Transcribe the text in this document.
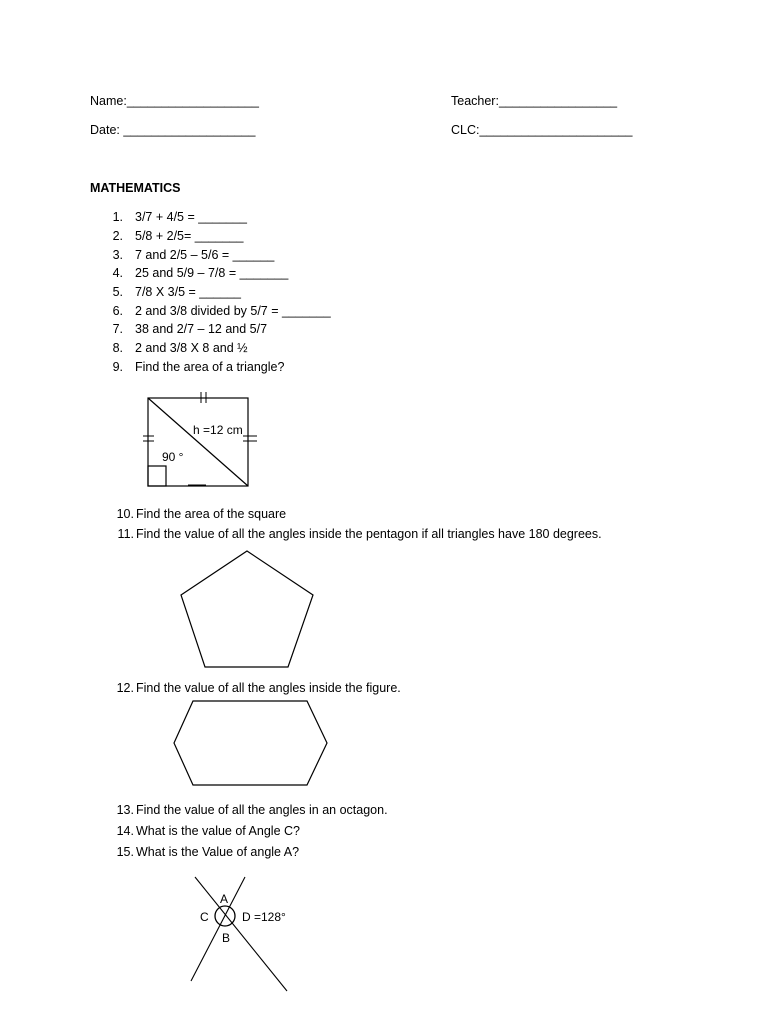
Name:___________________	Teacher:_________________
Date: ___________________	CLC:______________________
MATHEMATICS
1. 3/7 + 4/5 = _______
2. 5/8 + 2/5= _______
3. 7 and 2/5 – 5/6 = ______
4. 25 and 5/9 – 7/8 = _______
5. 7/8 X 3/5 = ______
6. 2 and 3/8 divided by 5/7 = _______
7. 38 and 2/7 – 12 and 5/7
8. 2 and 3/8 X 8 and ½
9. Find the area of a triangle?
h =12 cm
90 °
10. Find the area of the square
11. Find the value of all the angles inside the pentagon if all triangles have 180 degrees.
12. Find the value of all the angles inside the figure.
13. Find the value of all the angles in an octagon.
14. What is the value of Angle C?
15. What is the Value of angle A?
A
B
C	D =128°
